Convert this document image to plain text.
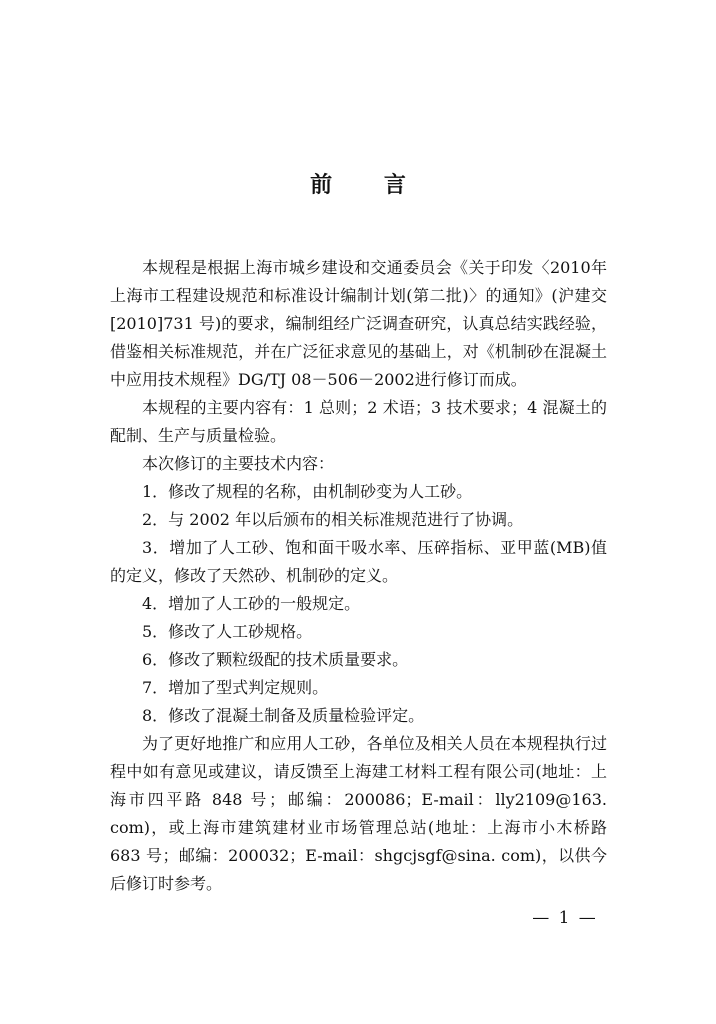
前 言

本规程是根据上海市城乡建设和交通委员会《关于印发〈2010年上海市工程建设规范和标准设计编制计划(第二批)〉的通知》(沪建交[2010]731 号)的要求，编制组经广泛调查研究，认真总结实践经验，借鉴相关标准规范，并在广泛征求意见的基础上，对《机制砂在混凝土中应用技术规程》DG/TJ 08－506－2002进行修订而成。

本规程的主要内容有：1 总则；2 术语；3 技术要求；4 混凝土的配制、生产与质量检验。

本次修订的主要技术内容：

1．修改了规程的名称，由机制砂变为人工砂。

2．与 2002 年以后颁布的相关标准规范进行了协调。

3．增加了人工砂、饱和面干吸水率、压碎指标、亚甲蓝(MB)值的定义，修改了天然砂、机制砂的定义。

4．增加了人工砂的一般规定。

5．修改了人工砂规格。

6．修改了颗粒级配的技术质量要求。

7．增加了型式判定规则。

8．修改了混凝土制备及质量检验评定。

为了更好地推广和应用人工砂，各单位及相关人员在本规程执行过程中如有意见或建议，请反馈至上海建工材料工程有限公司(地址：上海市四平路 848 号；邮编：200086；E-mail：lly2109@163. com)，或上海市建筑建材业市场管理总站(地址：上海市小木桥路 683 号；邮编：200032；E-mail：shgcjsgf@sina. com)，以供今后修订时参考。

— 1 —
